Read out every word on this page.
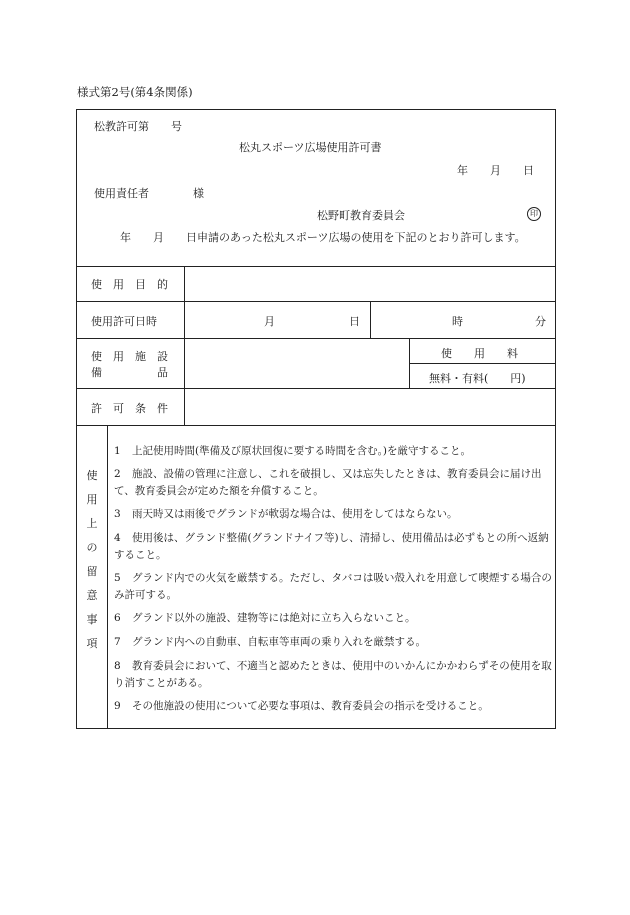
様式第2号(第4条関係)
松教許可第　　号
松丸スポーツ広場使用許可書
年　　月　　日
使用責任者　　　　様
松野町教育委員会	印
年　　月　　日申請のあった松丸スポーツ広場の使用を下記のとおり許可します。
使　用　目　的
使用許可日時	月	日	時	分
使　用　施　設
備　　　　　品
使　　用　　料
無料・有料(　　円)
許　可　条　件
使
用
上
の
留
意
事
項
1 上記使用時間(準備及び原状回復に要する時間を含む。)を厳守すること。
2 施設、設備の管理に注意し、これを破損し、又は忘失したときは、教育委員会に届け出て、教育委員会が定めた額を弁償すること。
3 雨天時又は雨後でグランドが軟弱な場合は、使用をしてはならない。
4 使用後は、グランド整備(グランドナイフ等)し、清掃し、使用備品は必ずもとの所へ返納すること。
5 グランド内での火気を厳禁する。ただし、タバコは吸い殻入れを用意して喫煙する場合のみ許可する。
6 グランド以外の施設、建物等には絶対に立ち入らないこと。
7 グランド内への自動車、自転車等車両の乗り入れを厳禁する。
8 教育委員会において、不適当と認めたときは、使用中のいかんにかかわらずその使用を取り消すことがある。
9 その他施設の使用について必要な事項は、教育委員会の指示を受けること。
